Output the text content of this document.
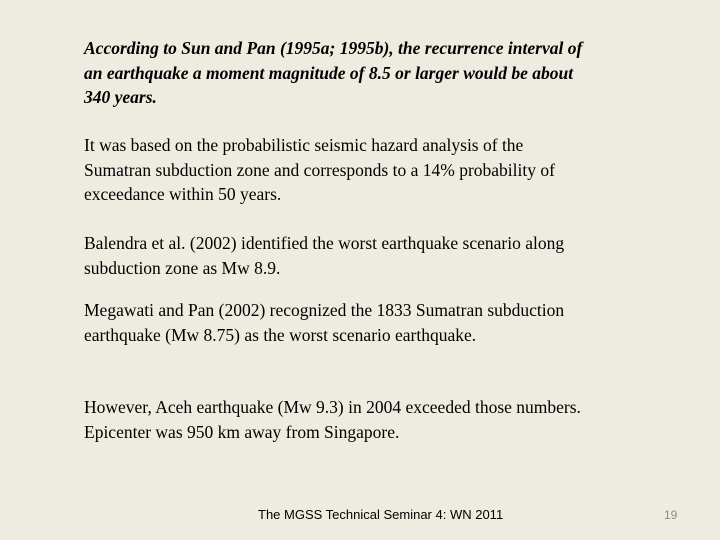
According to Sun and Pan (1995a; 1995b), the recurrence interval of
an earthquake a moment magnitude of 8.5 or larger would be about
340 years.

It was based on the probabilistic seismic hazard analysis of the
Sumatran subduction zone and corresponds to a 14% probability of
exceedance within 50 years.

Balendra et al. (2002) identified the worst earthquake scenario along
subduction zone as Mw 8.9.

Megawati and Pan (2002) recognized the 1833 Sumatran subduction
earthquake (Mw 8.75) as the worst scenario earthquake.

However, Aceh earthquake (Mw 9.3) in 2004 exceeded those numbers.
Epicenter was 950 km away from Singapore.

The MGSS Technical Seminar 4: WN 2011	19
